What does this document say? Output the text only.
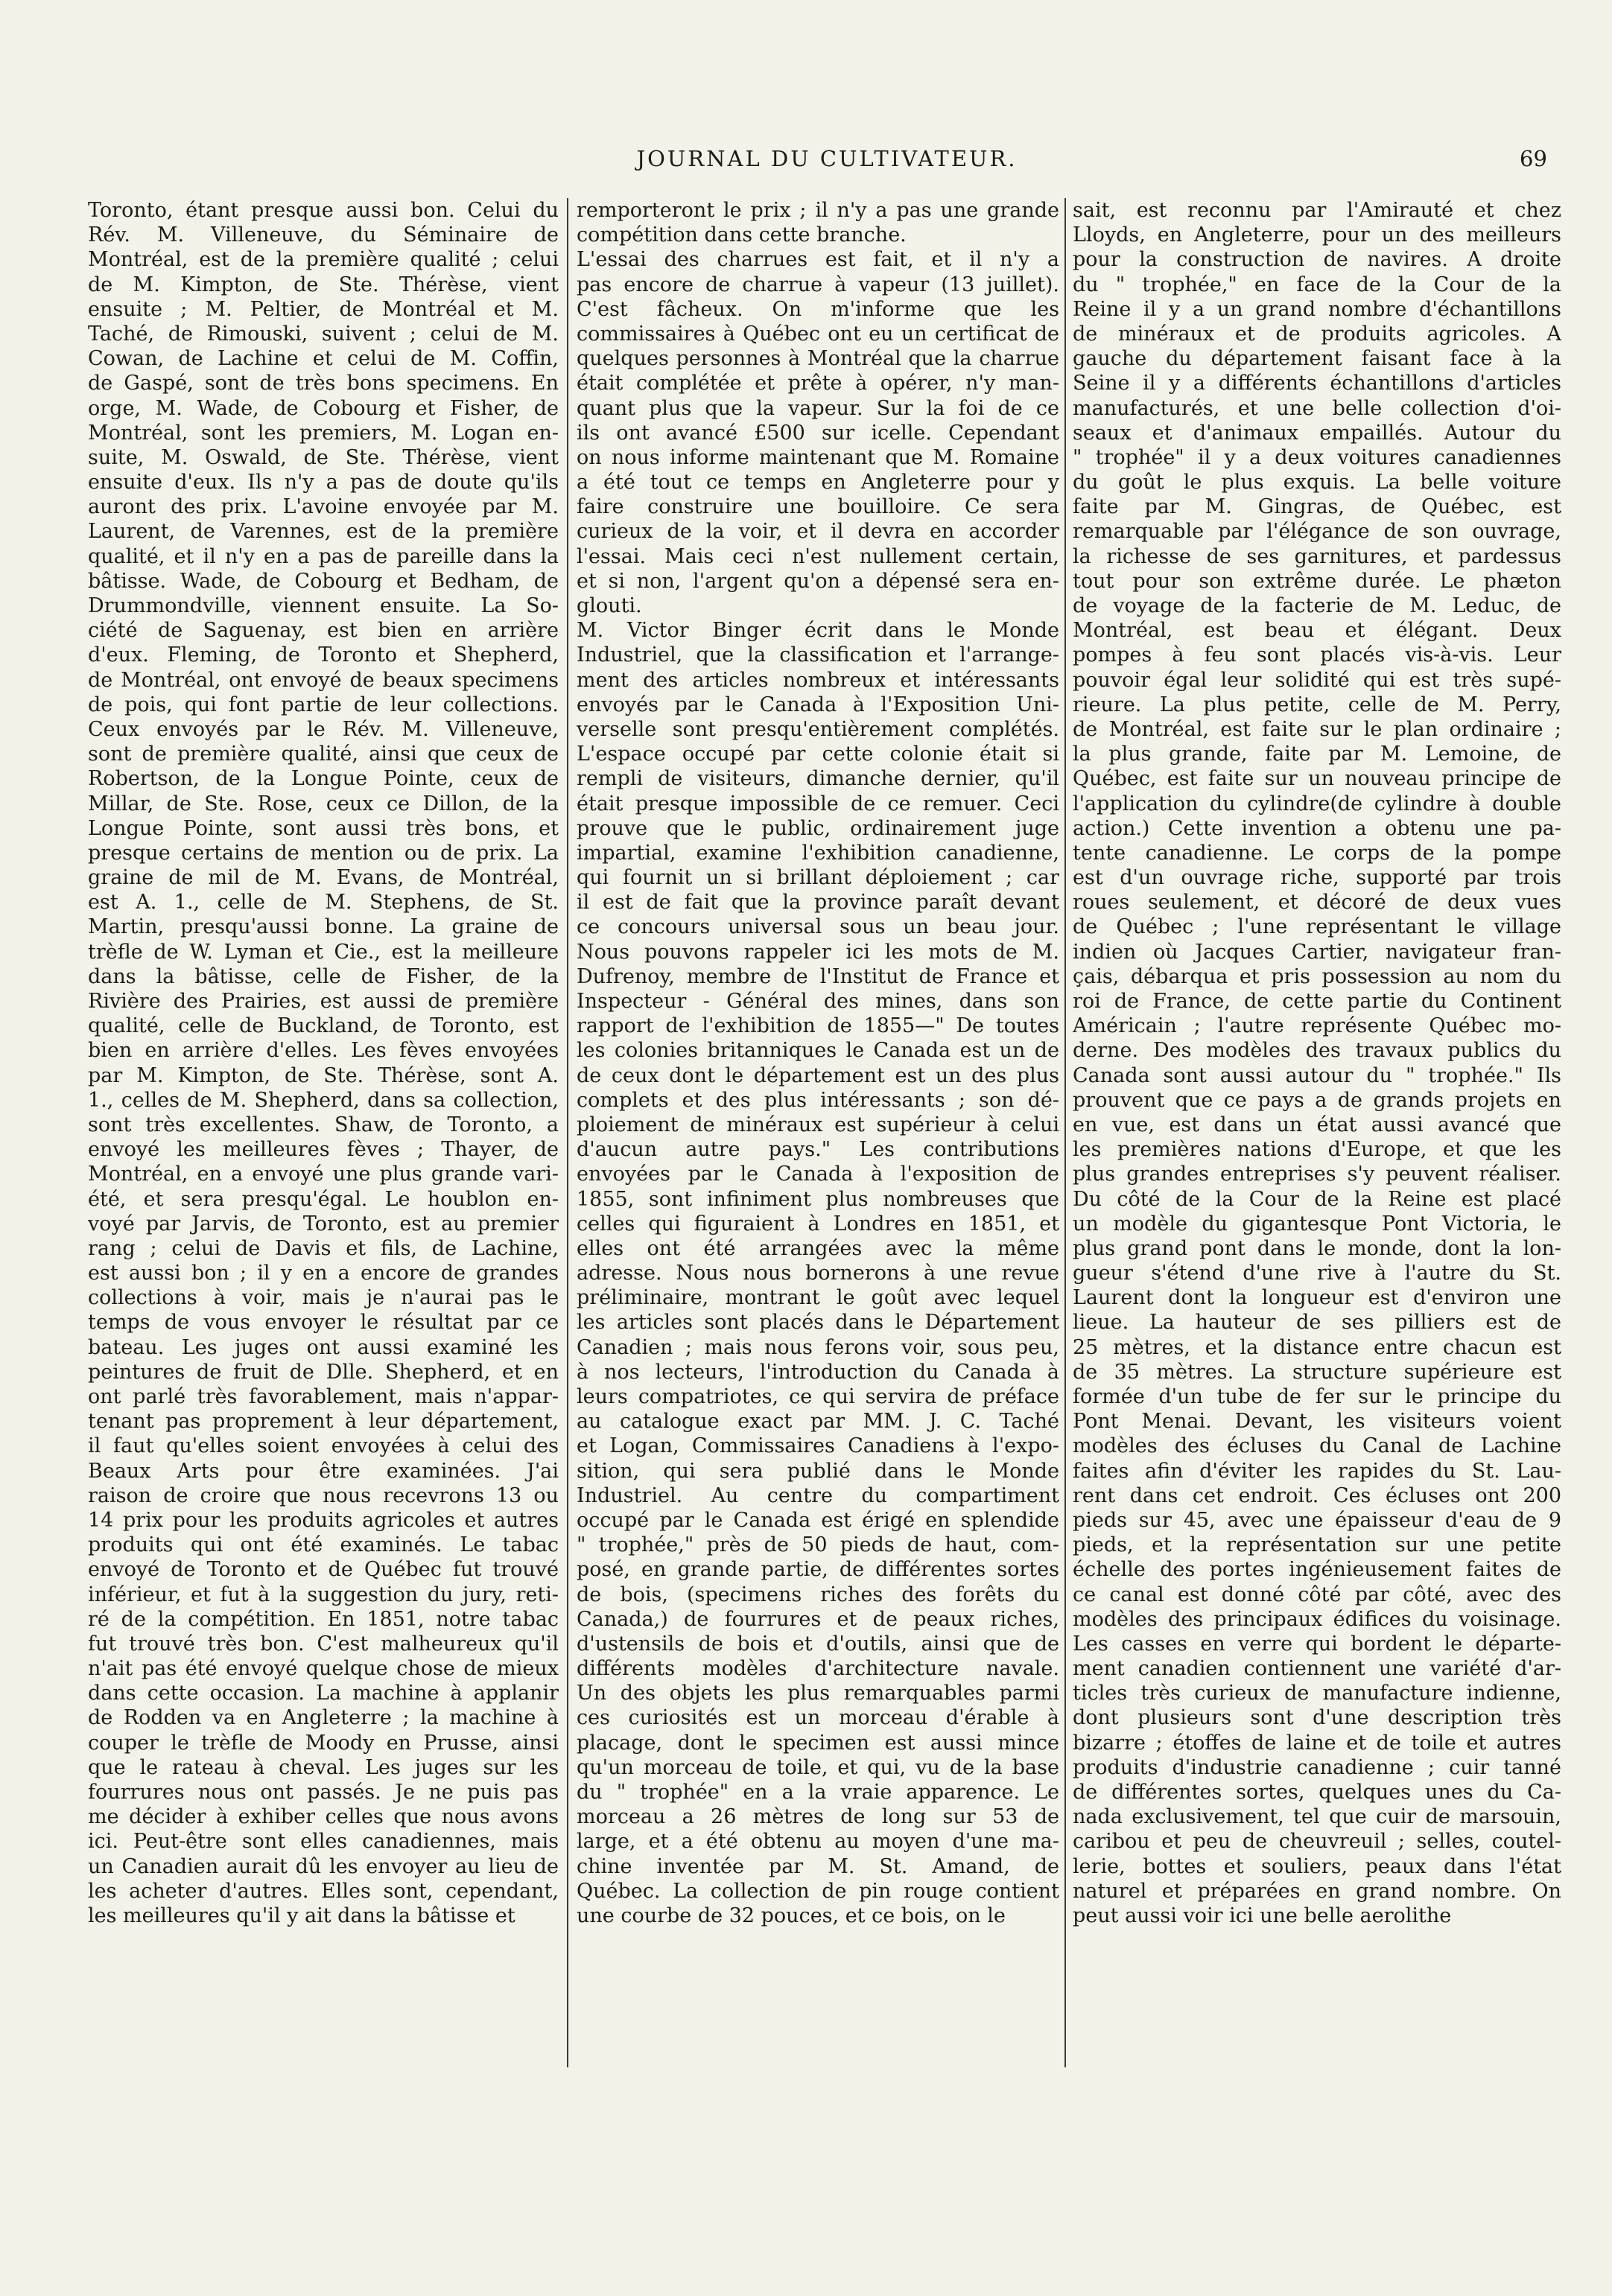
JOURNAL DU CULTIVATEUR.	69
Toronto, étant presque aussi bon. Celui du
Rév. M. Villeneuve, du Séminaire de
Montréal, est de la première qualité ; celui
de M. Kimpton, de Ste. Thérèse, vient
ensuite ; M. Peltier, de Montréal et M.
Taché, de Rimouski, suivent ; celui de M.
Cowan, de Lachine et celui de M. Coffin,
de Gaspé, sont de très bons specimens. En
orge, M. Wade, de Cobourg et Fisher, de
Montréal, sont les premiers, M. Logan en-
suite, M. Oswald, de Ste. Thérèse, vient
ensuite d'eux. Ils n'y a pas de doute qu'ils
auront des prix. L'avoine envoyée par M.
Laurent, de Varennes, est de la première
qualité, et il n'y en a pas de pareille dans la
bâtisse. Wade, de Cobourg et Bedham, de
Drummondville, viennent ensuite. La So-
ciété de Saguenay, est bien en arrière
d'eux. Fleming, de Toronto et Shepherd,
de Montréal, ont envoyé de beaux specimens
de pois, qui font partie de leur collections.
Ceux envoyés par le Rév. M. Villeneuve,
sont de première qualité, ainsi que ceux de
Robertson, de la Longue Pointe, ceux de
Millar, de Ste. Rose, ceux ce Dillon, de la
Longue Pointe, sont aussi très bons, et
presque certains de mention ou de prix. La
graine de mil de M. Evans, de Montréal,
est A. 1., celle de M. Stephens, de St.
Martin, presqu'aussi bonne. La graine de
trèfle de W. Lyman et Cie., est la meilleure
dans la bâtisse, celle de Fisher, de la
Rivière des Prairies, est aussi de première
qualité, celle de Buckland, de Toronto, est
bien en arrière d'elles. Les fèves envoyées
par M. Kimpton, de Ste. Thérèse, sont A.
1., celles de M. Shepherd, dans sa collection,
sont très excellentes. Shaw, de Toronto, a
envoyé les meilleures fèves ; Thayer, de
Montréal, en a envoyé une plus grande vari-
été, et sera presqu'égal. Le houblon en-
voyé par Jarvis, de Toronto, est au premier
rang ; celui de Davis et fils, de Lachine,
est aussi bon ; il y en a encore de grandes
collections à voir, mais je n'aurai pas le
temps de vous envoyer le résultat par ce
bateau. Les juges ont aussi examiné les
peintures de fruit de Dlle. Shepherd, et en
ont parlé très favorablement, mais n'appar-
tenant pas proprement à leur département,
il faut qu'elles soient envoyées à celui des
Beaux Arts pour être examinées. J'ai
raison de croire que nous recevrons 13 ou
14 prix pour les produits agricoles et autres
produits qui ont été examinés. Le tabac
envoyé de Toronto et de Québec fut trouvé
inférieur, et fut à la suggestion du jury, reti-
ré de la compétition. En 1851, notre tabac
fut trouvé très bon. C'est malheureux qu'il
n'ait pas été envoyé quelque chose de mieux
dans cette occasion. La machine à applanir
de Rodden va en Angleterre ; la machine à
couper le trèfle de Moody en Prusse, ainsi
que le rateau à cheval. Les juges sur les
fourrures nous ont passés. Je ne puis pas
me décider à exhiber celles que nous avons
ici. Peut-être sont elles canadiennes, mais
un Canadien aurait dû les envoyer au lieu de
les acheter d'autres. Elles sont, cependant,
les meilleures qu'il y ait dans la bâtisse et
remporteront le prix ; il n'y a pas une grande
compétition dans cette branche.
L'essai des charrues est fait, et il n'y a
pas encore de charrue à vapeur (13 juillet).
C'est fâcheux. On m'informe que les
commissaires à Québec ont eu un certificat de
quelques personnes à Montréal que la charrue
était complétée et prête à opérer, n'y man-
quant plus que la vapeur. Sur la foi de ce
ils ont avancé £500 sur icelle. Cependant
on nous informe maintenant que M. Romaine
a été tout ce temps en Angleterre pour y
faire construire une bouilloire. Ce sera
curieux de la voir, et il devra en accorder
l'essai. Mais ceci n'est nullement certain,
et si non, l'argent qu'on a dépensé sera en-
glouti.
M. Victor Binger écrit dans le Monde
Industriel, que la classification et l'arrange-
ment des articles nombreux et intéressants
envoyés par le Canada à l'Exposition Uni-
verselle sont presqu'entièrement complétés.
L'espace occupé par cette colonie était si
rempli de visiteurs, dimanche dernier, qu'il
était presque impossible de ce remuer. Ceci
prouve que le public, ordinairement juge
impartial, examine l'exhibition canadienne,
qui fournit un si brillant déploiement ; car
il est de fait que la province paraît devant
ce concours universal sous un beau jour.
Nous pouvons rappeler ici les mots de M.
Dufrenoy, membre de l'Institut de France et
Inspecteur - Général des mines, dans son
rapport de l'exhibition de 1855—" De toutes
les colonies britanniques le Canada est un de
de ceux dont le département est un des plus
complets et des plus intéressants ; son dé-
ploiement de minéraux est supérieur à celui
d'aucun autre pays." Les contributions
envoyées par le Canada à l'exposition de
1855, sont infiniment plus nombreuses que
celles qui figuraient à Londres en 1851, et
elles ont été arrangées avec la même
adresse. Nous nous bornerons à une revue
préliminaire, montrant le goût avec lequel
les articles sont placés dans le Département
Canadien ; mais nous ferons voir, sous peu,
à nos lecteurs, l'introduction du Canada à
leurs compatriotes, ce qui servira de préface
au catalogue exact par MM. J. C. Taché
et Logan, Commissaires Canadiens à l'expo-
sition, qui sera publié dans le Monde
Industriel. Au centre du compartiment
occupé par le Canada est érigé en splendide
" trophée," près de 50 pieds de haut, com-
posé, en grande partie, de différentes sortes
de bois, (specimens riches des forêts du
Canada,) de fourrures et de peaux riches,
d'ustensils de bois et d'outils, ainsi que de
différents modèles d'architecture navale.
Un des objets les plus remarquables parmi
ces curiosités est un morceau d'érable à
placage, dont le specimen est aussi mince
qu'un morceau de toile, et qui, vu de la base
du " trophée" en a la vraie apparence. Le
morceau a 26 mètres de long sur 53 de
large, et a été obtenu au moyen d'une ma-
chine inventée par M. St. Amand, de
Québec. La collection de pin rouge contient
une courbe de 32 pouces, et ce bois, on le
sait, est reconnu par l'Amirauté et chez
Lloyds, en Angleterre, pour un des meilleurs
pour la construction de navires. A droite
du " trophée," en face de la Cour de la
Reine il y a un grand nombre d'échantillons
de minéraux et de produits agricoles. A
gauche du département faisant face à la
Seine il y a différents échantillons d'articles
manufacturés, et une belle collection d'oi-
seaux et d'animaux empaillés. Autour du
" trophée" il y a deux voitures canadiennes
du goût le plus exquis. La belle voiture
faite par M. Gingras, de Québec, est
remarquable par l'élégance de son ouvrage,
la richesse de ses garnitures, et pardessus
tout pour son extrême durée. Le phæton
de voyage de la facterie de M. Leduc, de
Montréal, est beau et élégant. Deux
pompes à feu sont placés vis-à-vis. Leur
pouvoir égal leur solidité qui est très supé-
rieure. La plus petite, celle de M. Perry,
de Montréal, est faite sur le plan ordinaire ;
la plus grande, faite par M. Lemoine, de
Québec, est faite sur un nouveau principe de
l'application du cylindre(de cylindre à double
action.) Cette invention a obtenu une pa-
tente canadienne. Le corps de la pompe
est d'un ouvrage riche, supporté par trois
roues seulement, et décoré de deux vues
de Québec ; l'une représentant le village
indien où Jacques Cartier, navigateur fran-
çais, débarqua et pris possession au nom du
roi de France, de cette partie du Continent
Américain ; l'autre représente Québec mo-
derne. Des modèles des travaux publics du
Canada sont aussi autour du " trophée." Ils
prouvent que ce pays a de grands projets en
en vue, est dans un état aussi avancé que
les premières nations d'Europe, et que les
plus grandes entreprises s'y peuvent réaliser.
Du côté de la Cour de la Reine est placé
un modèle du gigantesque Pont Victoria, le
plus grand pont dans le monde, dont la lon-
gueur s'étend d'une rive à l'autre du St.
Laurent dont la longueur est d'environ une
lieue. La hauteur de ses pilliers est de
25 mètres, et la distance entre chacun est
de 35 mètres. La structure supérieure est
formée d'un tube de fer sur le principe du
Pont Menai. Devant, les visiteurs voient
modèles des écluses du Canal de Lachine
faites afin d'éviter les rapides du St. Lau-
rent dans cet endroit. Ces écluses ont 200
pieds sur 45, avec une épaisseur d'eau de 9
pieds, et la représentation sur une petite
échelle des portes ingénieusement faites de
ce canal est donné côté par côté, avec des
modèles des principaux édifices du voisinage.
Les casses en verre qui bordent le départe-
ment canadien contiennent une variété d'ar-
ticles très curieux de manufacture indienne,
dont plusieurs sont d'une description très
bizarre ; étoffes de laine et de toile et autres
produits d'industrie canadienne ; cuir tanné
de différentes sortes, quelques unes du Ca-
nada exclusivement, tel que cuir de marsouin,
caribou et peu de cheuvreuil ; selles, coutel-
lerie, bottes et souliers, peaux dans l'état
naturel et préparées en grand nombre. On
peut aussi voir ici une belle aerolithe
